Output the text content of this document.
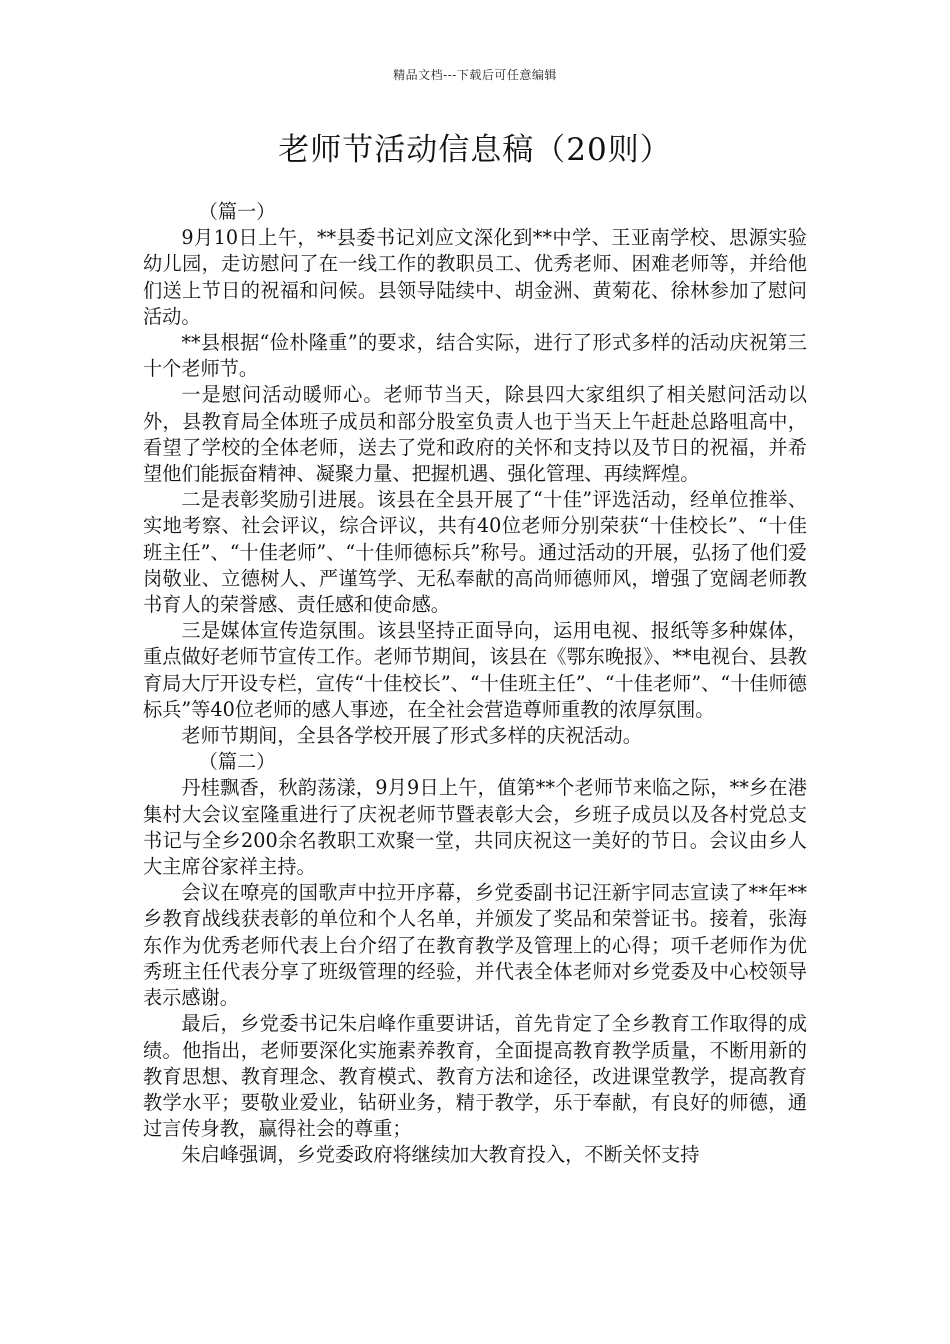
精品文档---下载后可任意编辑
老师节活动信息稿（20则）

（篇一）

9月10日上午，**县委书记刘应文深化到**中学、王亚南学校、思源实验幼儿园，走访慰问了在一线工作的教职员工、优秀老师、困难老师等，并给他们送上节日的祝福和问候。县领导陆续中、胡金洲、黄菊花、徐林参加了慰问活动。

**县根据“俭朴隆重”的要求，结合实际，进行了形式多样的活动庆祝第三十个老师节。

一是慰问活动暖师心。老师节当天，除县四大家组织了相关慰问活动以外，县教育局全体班子成员和部分股室负责人也于当天上午赶赴总路咀高中，看望了学校的全体老师，送去了党和政府的关怀和支持以及节日的祝福，并希望他们能振奋精神、凝聚力量、把握机遇、强化管理、再续辉煌。

二是表彰奖励引进展。该县在全县开展了“十佳”评选活动，经单位推举、实地考察、社会评议，综合评议，共有40位老师分别荣获“十佳校长”、“十佳班主任”、“十佳老师”、“十佳师德标兵”称号。通过活动的开展，弘扬了他们爱岗敬业、立德树人、严谨笃学、无私奉献的高尚师德师风，增强了宽阔老师教书育人的荣誉感、责任感和使命感。

三是媒体宣传造氛围。该县坚持正面导向，运用电视、报纸等多种媒体，重点做好老师节宣传工作。老师节期间，该县在《鄂东晚报》、**电视台、县教育局大厅开设专栏，宣传“十佳校长”、“十佳班主任”、“十佳老师”、“十佳师德标兵”等40位老师的感人事迹，在全社会营造尊师重教的浓厚氛围。

老师节期间，全县各学校开展了形式多样的庆祝活动。

（篇二）

丹桂飘香，秋韵荡漾，9月9日上午，值第**个老师节来临之际，**乡在港集村大会议室隆重进行了庆祝老师节暨表彰大会，乡班子成员以及各村党总支书记与全乡200余名教职工欢聚一堂，共同庆祝这一美好的节日。会议由乡人大主席谷家祥主持。

会议在嘹亮的国歌声中拉开序幕，乡党委副书记汪新宇同志宣读了**年**乡教育战线获表彰的单位和个人名单，并颁发了奖品和荣誉证书。接着，张海东作为优秀老师代表上台介绍了在教育教学及管理上的心得；项千老师作为优秀班主任代表分享了班级管理的经验，并代表全体老师对乡党委及中心校领导表示感谢。

最后，乡党委书记朱启峰作重要讲话，首先肯定了全乡教育工作取得的成绩。他指出，老师要深化实施素养教育，全面提高教育教学质量，不断用新的教育思想、教育理念、教育模式、教育方法和途径，改进课堂教学，提高教育教学水平；要敬业爱业，钻研业务，精于教学，乐于奉献，有良好的师德，通过言传身教，赢得社会的尊重；

朱启峰强调，乡党委政府将继续加大教育投入，不断关怀支持
